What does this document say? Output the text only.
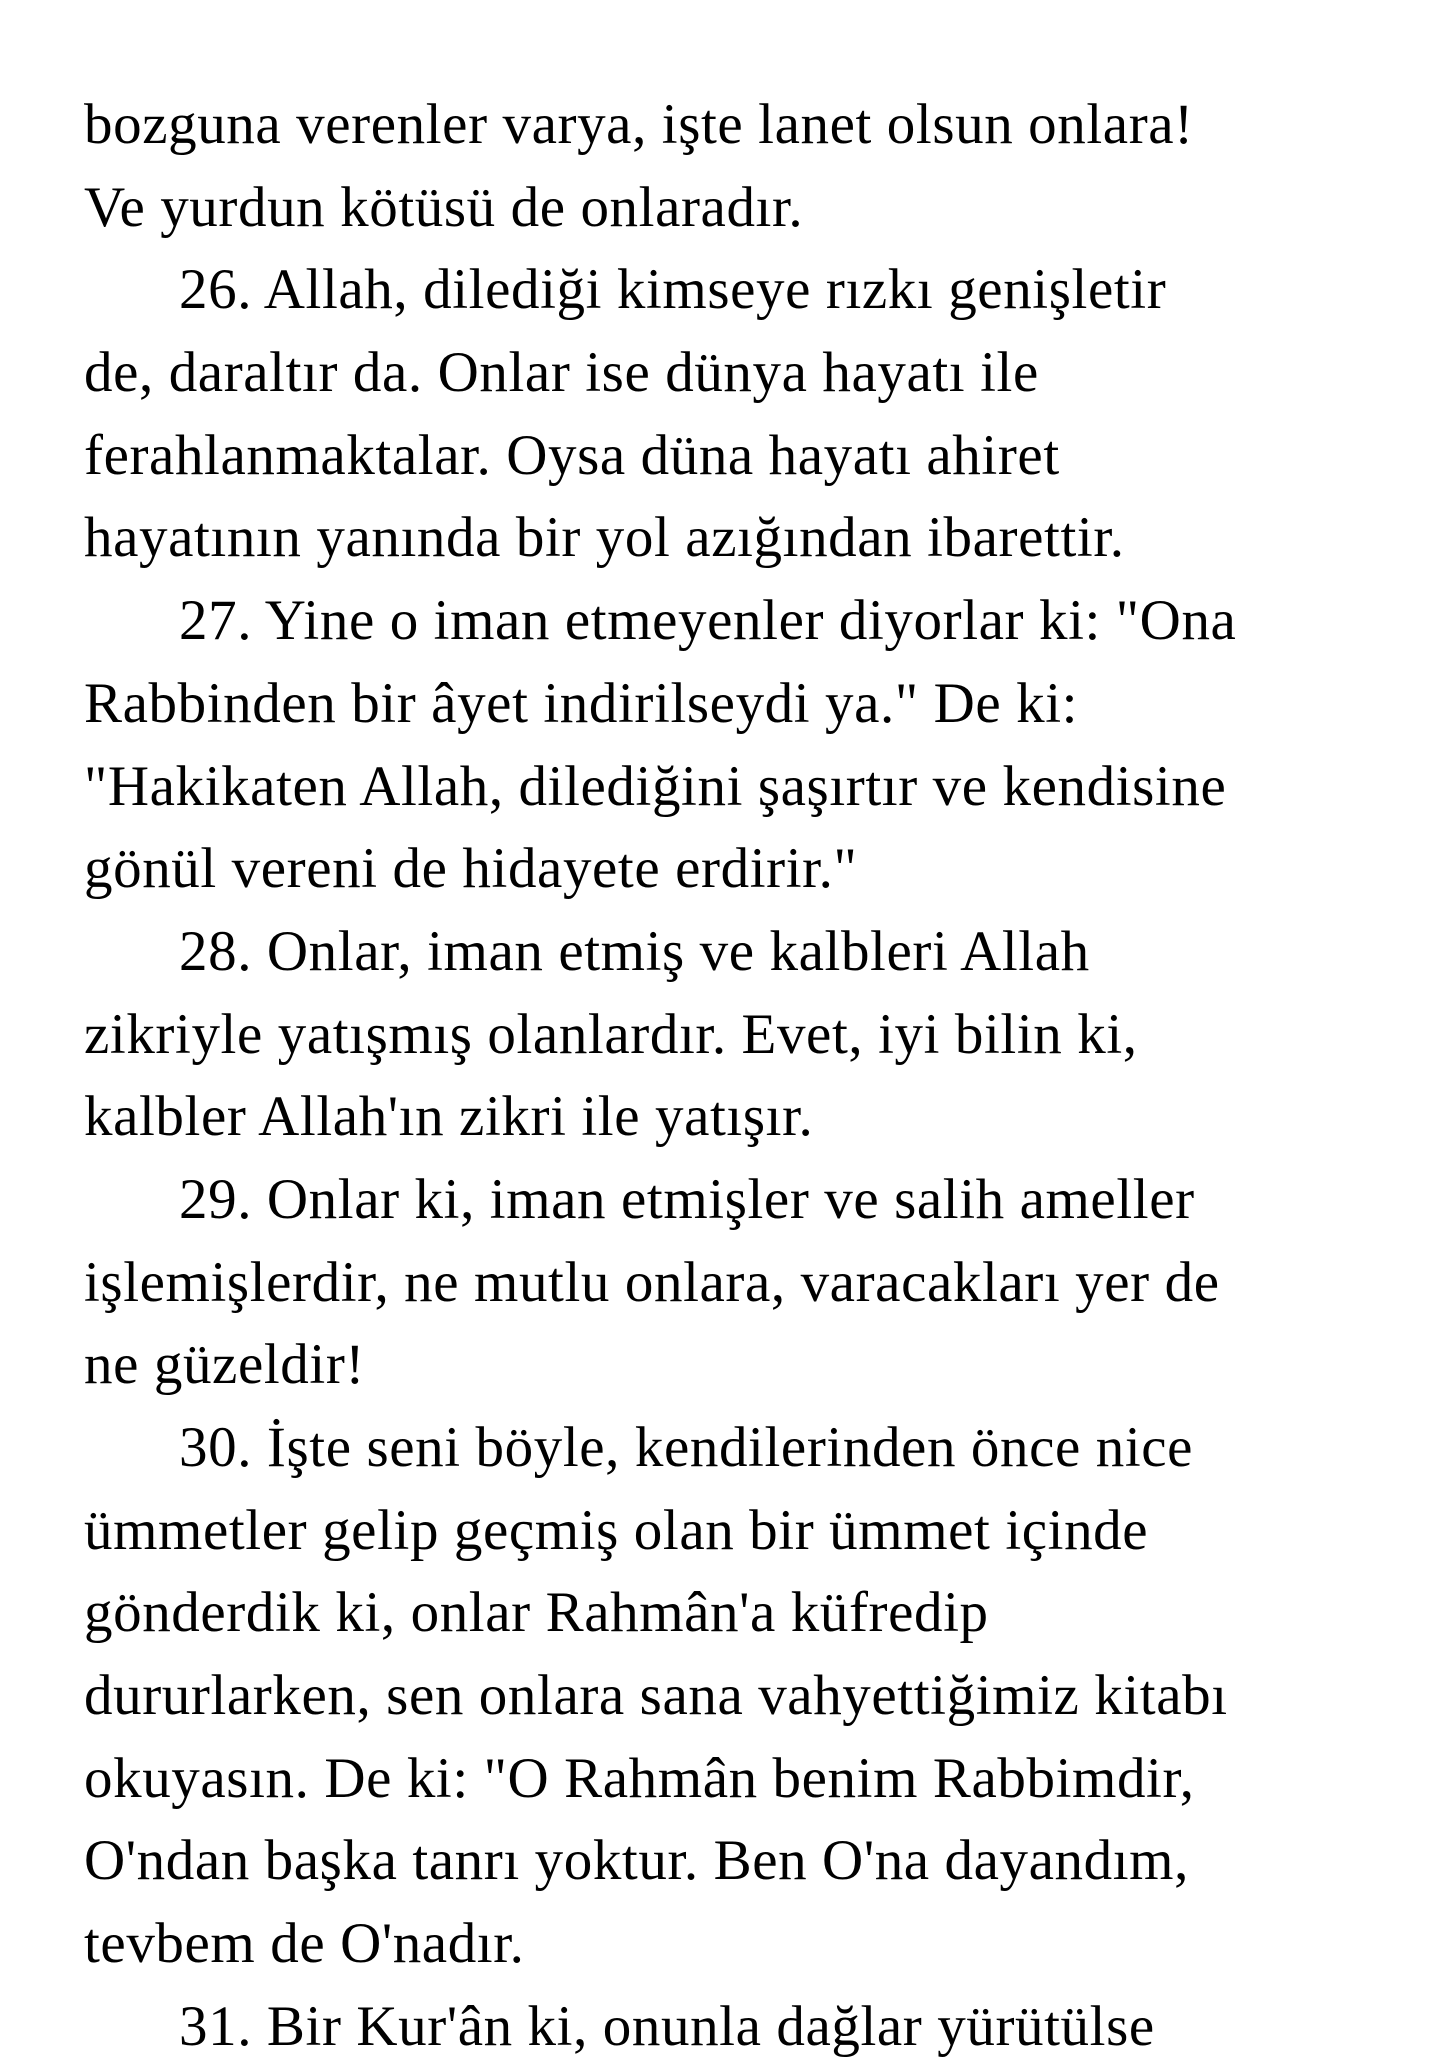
bozguna verenler varya, işte lanet olsun onlara!
Ve yurdun kötüsü de onlaradır.
26. Allah, dilediği kimseye rızkı genişletir
de, daraltır da. Onlar ise dünya hayatı ile
ferahlanmaktalar. Oysa düna hayatı ahiret
hayatının yanında bir yol azığından ibarettir.
27. Yine o iman etmeyenler diyorlar ki: "Ona
Rabbinden bir âyet indirilseydi ya." De ki:
"Hakikaten Allah, dilediğini şaşırtır ve kendisine
gönül vereni de hidayete erdirir."
28. Onlar, iman etmiş ve kalbleri Allah
zikriyle yatışmış olanlardır. Evet, iyi bilin ki,
kalbler Allah'ın zikri ile yatışır.
29. Onlar ki, iman etmişler ve salih ameller
işlemişlerdir, ne mutlu onlara, varacakları yer de
ne güzeldir!
30. İşte seni böyle, kendilerinden önce nice
ümmetler gelip geçmiş olan bir ümmet içinde
gönderdik ki, onlar Rahmân'a küfredip
dururlarken, sen onlara sana vahyettiğimiz kitabı
okuyasın. De ki: "O Rahmân benim Rabbimdir,
O'ndan başka tanrı yoktur. Ben O'na dayandım,
tevbem de O'nadır.
31. Bir Kur'ân ki, onunla dağlar yürütülse
